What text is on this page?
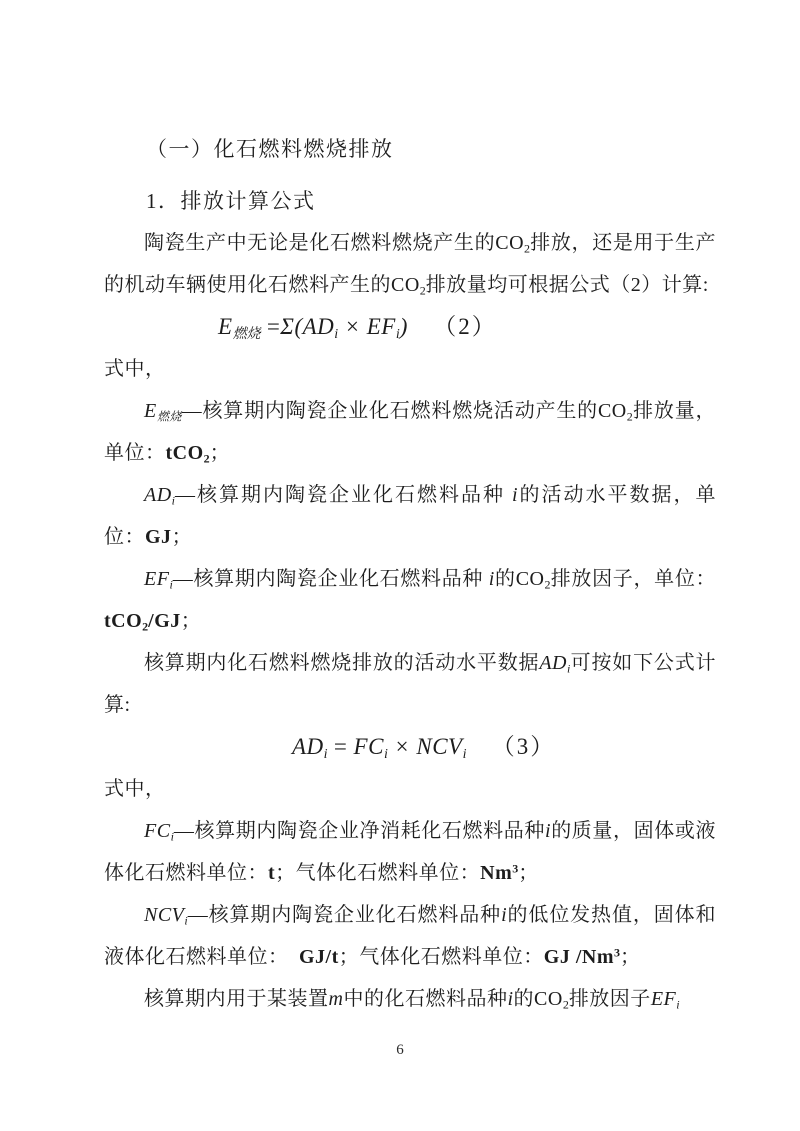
（一）化石燃料燃烧排放
1．排放计算公式

陶瓷生产中无论是化石燃料燃烧产生的$CO_2$排放，还是用于生产的机动车辆使用化石燃料产生的$CO_2$排放量均可根据公式（2）计算:

$E_{燃烧} =\Sigma(AD_i \times EF_i)$ （2）

式中，

$E_{燃烧}—$核算期内陶瓷企业化石燃料燃烧活动产生的$CO_2$排放量，单位：tCO$_2$；

$AD_i—$核算期内陶瓷企业化石燃料品种 i的活动水平数据，单位：GJ；

$EF_i—$核算期内陶瓷企业化石燃料品种 i的$CO_2$排放因子，单位：tCO$_2$/GJ；

核算期内化石燃料燃烧排放的活动水平数据$AD_i$可按如下公式计算:

$AD_i = FC_i \times NCV_i$ （3）

式中，

$FC_i—$核算期内陶瓷企业净消耗化石燃料品种i的质量，固体或液体化石燃料单位：t；气体化石燃料单位：Nm$^3$；

$NCV_i—$核算期内陶瓷企业化石燃料品种i的低位发热值，固体和液体化石燃料单位：　GJ/t；气体化石燃料单位：GJ /Nm$^3$；

核算期内用于某装置m中的化石燃料品种i的$CO_2$排放因子$EF_i$

6
